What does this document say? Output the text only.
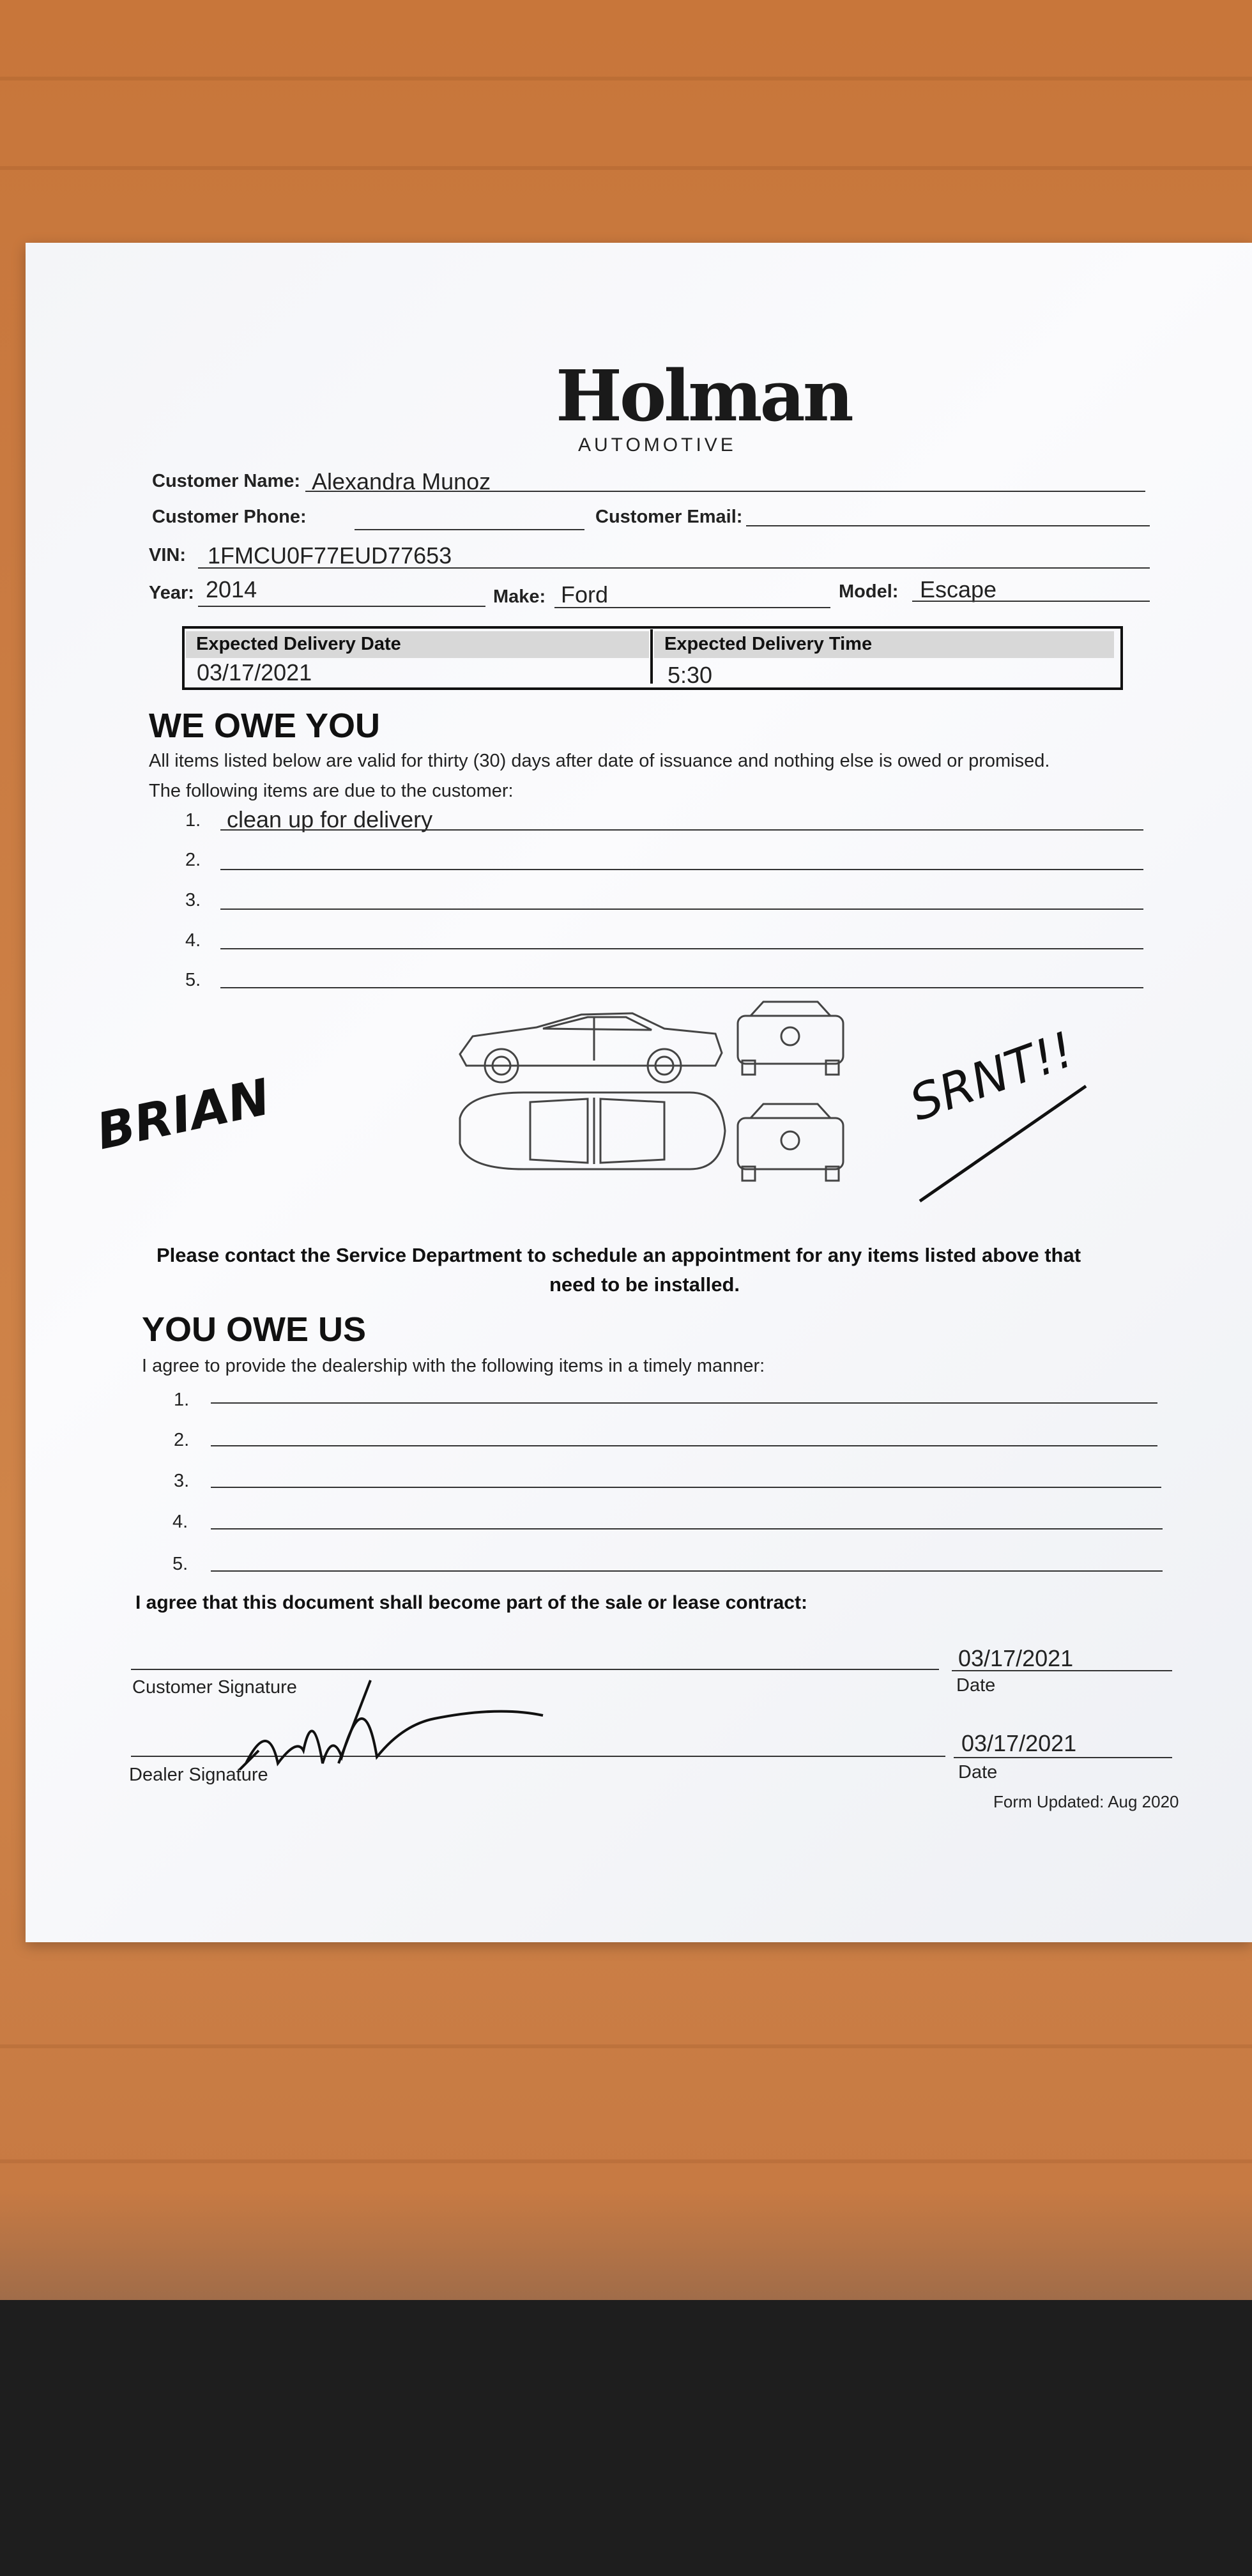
Holman
AUTOMOTIVE
Customer Name: Alexandra Munoz
Customer Phone:	Customer Email:
VIN: 1FMCU0F77EUD77653
Year: 2014	Make: Ford	Model: Escape
Expected Delivery Date	Expected Delivery Time
03/17/2021	5:30
WE OWE YOU
All items listed below are valid for thirty (30) days after date of issuance and nothing else is owed or promised.
The following items are due to the customer:
1. clean up for delivery
2.
3.
4.
5.
BRIAN	SRNT!!
Please contact the Service Department to schedule an appointment for any items listed above that
need to be installed.
YOU OWE US
I agree to provide the dealership with the following items in a timely manner:
1.
2.
3.
4.
5.
I agree that this document shall become part of the sale or lease contract:
Customer Signature
03/17/2021
Date
Dealer Signature
03/17/2021
Date
Form Updated: Aug 2020
